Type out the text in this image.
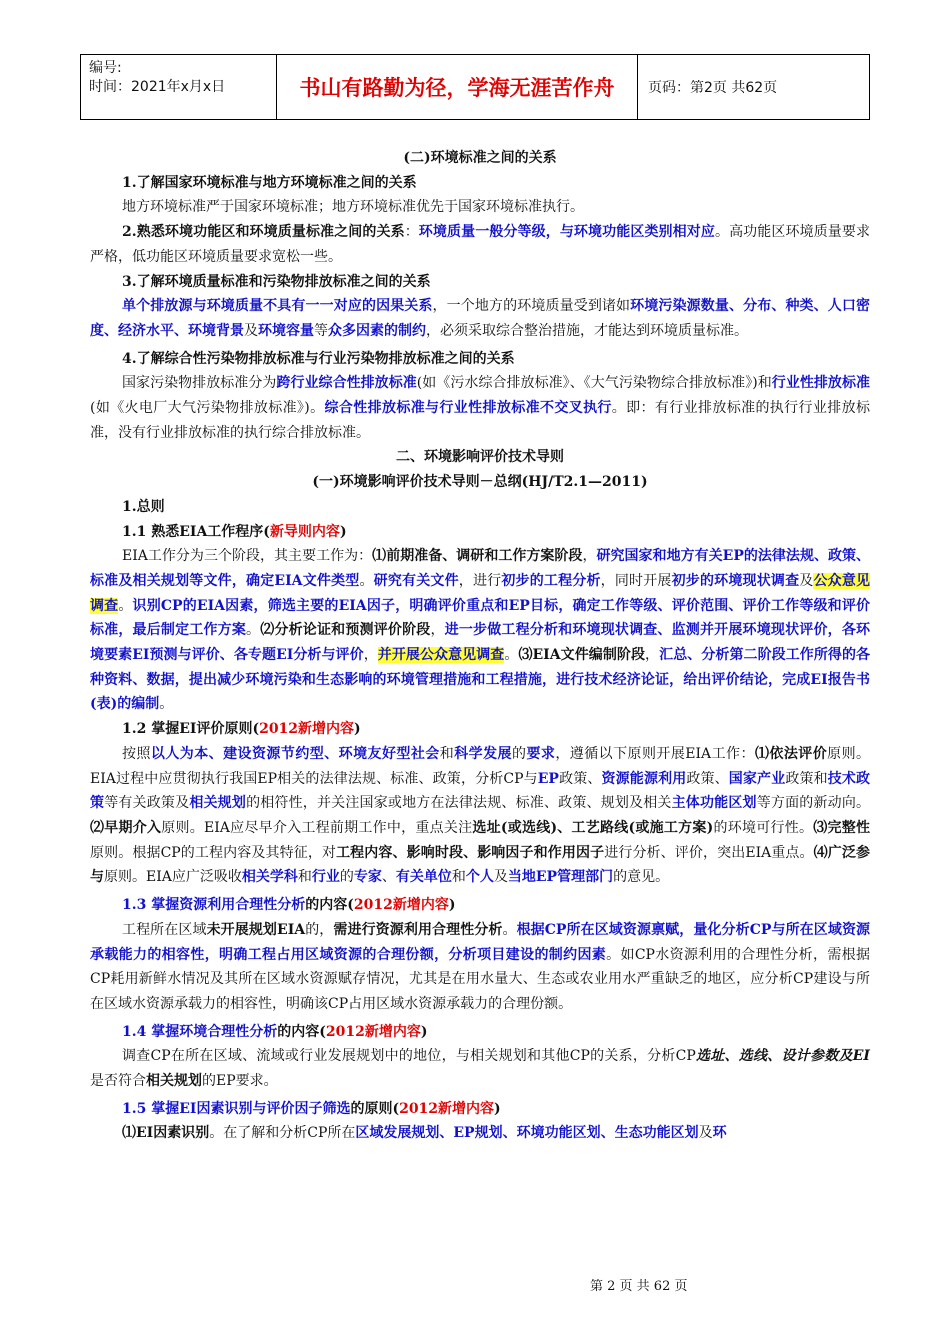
编号:
时间：2021年x月x日	书山有路勤为径，学海无涯苦作舟	页码：第2页 共62页

(二)环境标准之间的关系

1.了解国家环境标准与地方环境标准之间的关系

地方环境标准严于国家环境标准；地方环境标准优先于国家环境标准执行。

2.熟悉环境功能区和环境质量标准之间的关系：环境质量一般分等级，与环境功能区类别相对应。高功能区环境质量要求严格，低功能区环境质量要求宽松一些。

3.了解环境质量标准和污染物排放标准之间的关系

单个排放源与环境质量不具有一一对应的因果关系，一个地方的环境质量受到诸如环境污染源数量、分布、种类、人口密度、经济水平、环境背景及环境容量等众多因素的制约，必须采取综合整治措施，才能达到环境质量标准。

4.了解综合性污染物排放标准与行业污染物排放标准之间的关系

国家污染物排放标准分为跨行业综合性排放标准(如《污水综合排放标准》、《大气污染物综合排放标准》)和行业性排放标准(如《火电厂大气污染物排放标准》)。综合性排放标准与行业性排放标准不交叉执行。即：有行业排放标准的执行行业排放标准，没有行业排放标准的执行综合排放标准。

二、环境影响评价技术导则

(一)环境影响评价技术导则－总纲(HJ/T2.1—2011)

1.总则

1.1 熟悉EIA工作程序(新导则内容)

EIA工作分为三个阶段，其主要工作为：⑴前期准备、调研和工作方案阶段，研究国家和地方有关EP的法律法规、政策、标准及相关规划等文件，确定EIA文件类型。研究有关文件，进行初步的工程分析，同时开展初步的环境现状调查及公众意见调查。识别CP的EIA因素，筛选主要的EIA因子，明确评价重点和EP目标，确定工作等级、评价范围、评价工作等级和评价标准，最后制定工作方案。⑵分析论证和预测评价阶段，进一步做工程分析和环境现状调查、监测并开展环境现状评价，各环境要素EI预测与评价、各专题EI分析与评价，并开展公众意见调查。⑶EIA文件编制阶段，汇总、分析第二阶段工作所得的各种资料、数据，提出减少环境污染和生态影响的环境管理措施和工程措施，进行技术经济论证，给出评价结论，完成EI报告书(表)的编制。

1.2 掌握EI评价原则(2012新增内容)

按照以人为本、建设资源节约型、环境友好型社会和科学发展的要求，遵循以下原则开展EIA工作：⑴依法评价原则。EIA过程中应贯彻执行我国EP相关的法律法规、标准、政策，分析CP与EP政策、资源能源利用政策、国家产业政策和技术政策等有关政策及相关规划的相符性，并关注国家或地方在法律法规、标准、政策、规划及相关主体功能区划等方面的新动向。⑵早期介入原则。EIA应尽早介入工程前期工作中，重点关注选址(或选线)、工艺路线(或施工方案)的环境可行性。⑶完整性原则。根据CP的工程内容及其特征，对工程内容、影响时段、影响因子和作用因子进行分析、评价，突出EIA重点。⑷广泛参与原则。EIA应广泛吸收相关学科和行业的专家、有关单位和个人及当地EP管理部门的意见。

1.3 掌握资源利用合理性分析的内容(2012新增内容)

工程所在区域未开展规划EIA的，需进行资源利用合理性分析。根据CP所在区域资源禀赋，量化分析CP与所在区域资源承载能力的相容性，明确工程占用区域资源的合理份额，分析项目建设的制约因素。如CP水资源利用的合理性分析，需根据CP耗用新鲜水情况及其所在区域水资源赋存情况，尤其是在用水量大、生态或农业用水严重缺乏的地区，应分析CP建设与所在区域水资源承载力的相容性，明确该CP占用区域水资源承载力的合理份额。

1.4 掌握环境合理性分析的内容(2012新增内容)

调查CP在所在区域、流域或行业发展规划中的地位，与相关规划和其他CP的关系，分析CP选址、选线、设计参数及EI是否符合相关规划的EP要求。

1.5 掌握EI因素识别与评价因子筛选的原则(2012新增内容)

⑴EI因素识别。在了解和分析CP所在区域发展规划、EP规划、环境功能区划、生态功能区划及环

第 2 页 共 62 页
